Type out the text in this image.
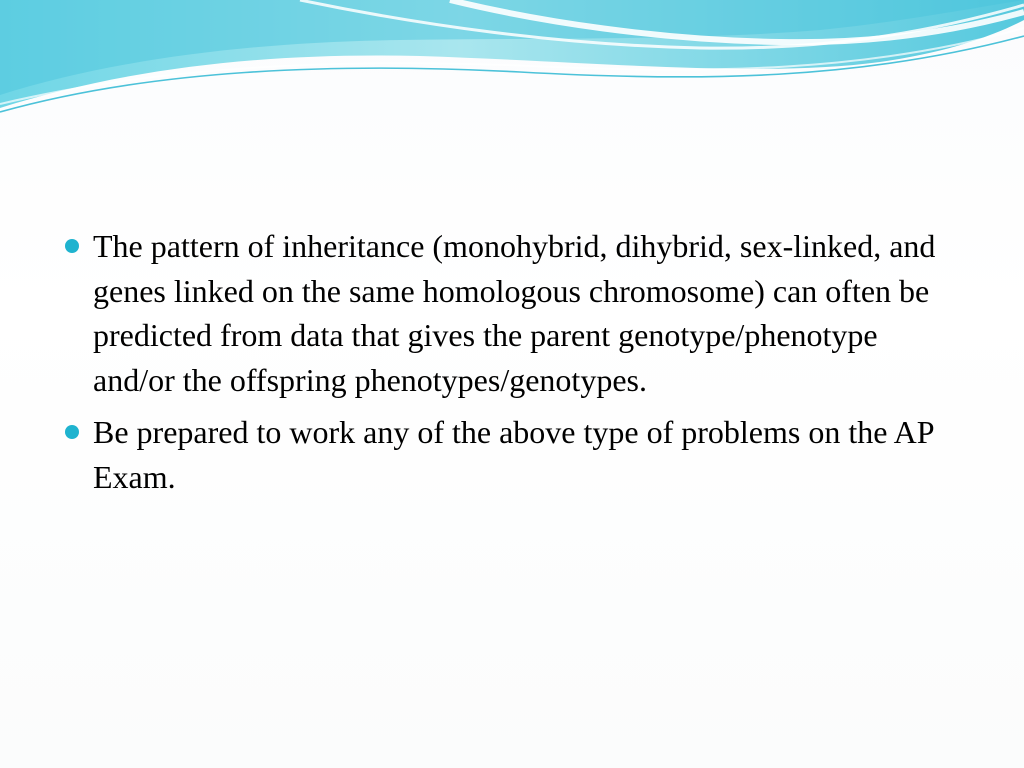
The pattern of inheritance (monohybrid, dihybrid, sex-linked, and genes linked on the same homologous chromosome) can often be predicted from data that gives the parent genotype/phenotype and/or the offspring phenotypes/genotypes.
Be prepared to work any of the above type of problems on the AP Exam.
